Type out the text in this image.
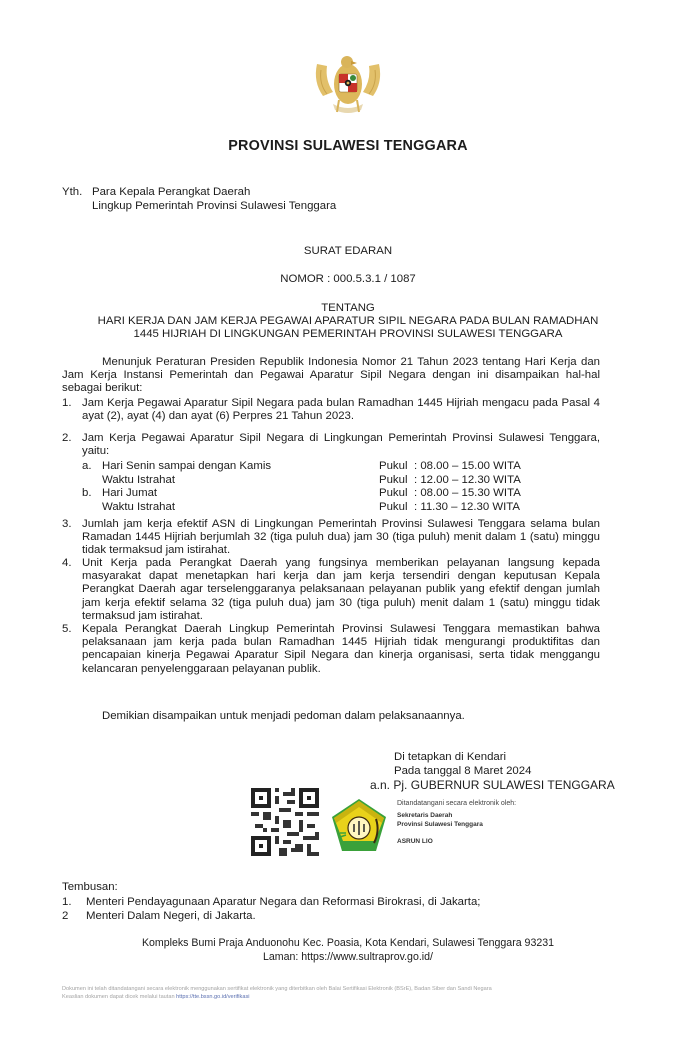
PROVINSI SULAWESI TENGGARA
Yth. Para Kepala Perangkat Daerah
Lingkup Pemerintah Provinsi Sulawesi Tenggara
SURAT EDARAN
NOMOR : 000.5.3.1 / 1087
TENTANG
HARI KERJA DAN JAM KERJA PEGAWAI APARATUR SIPIL NEGARA PADA BULAN RAMADHAN
1445 HIJRIAH DI LINGKUNGAN PEMERINTAH PROVINSI SULAWESI TENGGARA
Menunjuk Peraturan Presiden Republik Indonesia Nomor 21 Tahun 2023 tentang Hari Kerja dan Jam Kerja Instansi Pemerintah dan Pegawai Aparatur Sipil Negara dengan ini disampaikan hal-hal sebagai berikut:
1. Jam Kerja Pegawai Aparatur Sipil Negara pada bulan Ramadhan 1445 Hijriah mengacu pada Pasal 4 ayat (2), ayat (4) dan ayat (6) Perpres 21 Tahun 2023.
2. Jam Kerja Pegawai Aparatur Sipil Negara di Lingkungan Pemerintah Provinsi Sulawesi Tenggara, yaitu:
a. Hari Senin sampai dengan Kamis	Pukul : 08.00 – 15.00 WITA
Waktu Istrahat	Pukul : 12.00 – 12.30 WITA
b. Hari Jumat	Pukul : 08.00 – 15.30 WITA
Waktu Istrahat	Pukul : 11.30 – 12.30 WITA
3. Jumlah jam kerja efektif ASN di Lingkungan Pemerintah Provinsi Sulawesi Tenggara selama bulan Ramadan 1445 Hijriah berjumlah 32 (tiga puluh dua) jam 30 (tiga puluh) menit dalam 1 (satu) minggu tidak termaksud jam istirahat.
4. Unit Kerja pada Perangkat Daerah yang fungsinya memberikan pelayanan langsung kepada masyarakat dapat menetapkan hari kerja dan jam kerja tersendiri dengan keputusan Kepala Perangkat Daerah agar terselenggaranya pelaksanaan pelayanan publik yang efektif dengan jumlah jam kerja efektif selama 32 (tiga puluh dua) jam 30 (tiga puluh) menit dalam 1 (satu) minggu tidak termaksud jam istirahat.
5. Kepala Perangkat Daerah Lingkup Pemerintah Provinsi Sulawesi Tenggara memastikan bahwa pelaksanaan jam kerja pada bulan Ramadhan 1445 Hijriah tidak mengurangi produktifitas dan pencapaian kinerja Pegawai Aparatur Sipil Negara dan kinerja organisasi, serta tidak menggangu kelancaran penyelenggaraan pelayanan publik.
Demikian disampaikan untuk menjadi pedoman dalam pelaksanaannya.
Di tetapkan di Kendari
Pada tanggal 8 Maret 2024
a.n. Pj. GUBERNUR SULAWESI TENGGARA
Ditandatangani secara elektronik oleh:
Sekretaris Daerah
Provinsi Sulawesi Tenggara
ASRUN LIO
Tembusan:
1. Menteri Pendayagunaan Aparatur Negara dan Reformasi Birokrasi, di Jakarta;
2 Menteri Dalam Negeri, di Jakarta.
Kompleks Bumi Praja Anduonohu Kec. Poasia, Kota Kendari, Sulawesi Tenggara 93231
Laman: https://www.sultraprov.go.id/
Dokumen ini telah ditandatangani secara elektronik menggunakan sertifikat elektronik yang diterbitkan oleh Balai Sertifikasi Elektronik (BSrE), Badan Siber dan Sandi Negara
Keaslian dokumen dapat dicek melalui tautan https://tte.bssn.go.id/verifikasi
